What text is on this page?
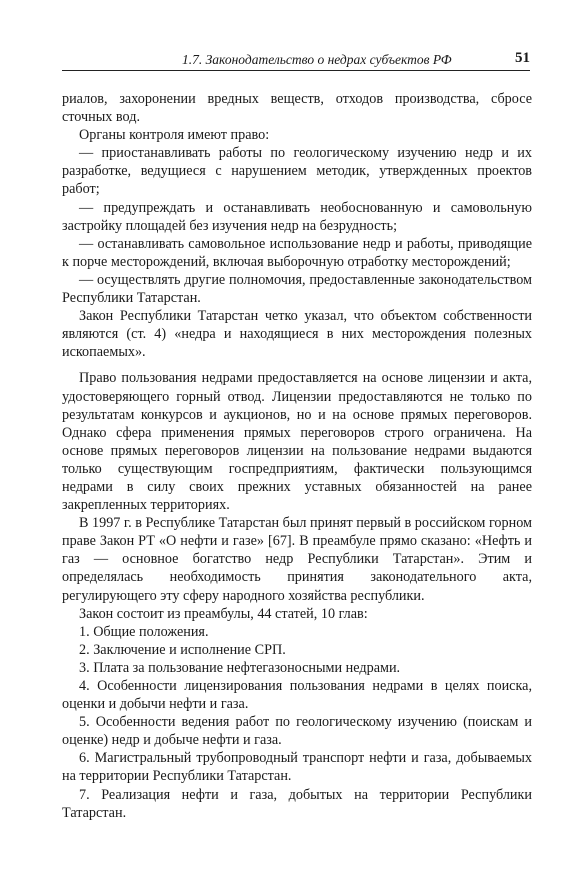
1.7. Законодательство о недрах субъектов РФ	51

риалов, захоронении вредных веществ, отходов производства, сбросе сточных вод.

Органы контроля имеют право:

— приостанавливать работы по геологическому изучению недр и их разработке, ведущиеся с нарушением методик, утвержденных проектов работ;

— предупреждать и останавливать необоснованную и самовольную застройку площадей без изучения недр на безрудность;

— останавливать самовольное использование недр и работы, приводящие к порче месторождений, включая выборочную отработку месторождений;

— осуществлять другие полномочия, предоставленные законодательством Республики Татарстан.

Закон Республики Татарстан четко указал, что объектом собственности являются (ст. 4) «недра и находящиеся в них месторождения полезных ископаемых».

Право пользования недрами предоставляется на основе лицензии и акта, удостоверяющего горный отвод. Лицензии предоставляются не только по результатам конкурсов и аукционов, но и на основе прямых переговоров. Однако сфера применения прямых переговоров строго ограничена. На основе прямых переговоров лицензии на пользование недрами выдаются только существующим госпредприятиям, фактически пользующимся недрами в силу своих прежних уставных обязанностей на ранее закрепленных территориях.

В 1997 г. в Республике Татарстан был принят первый в российском горном праве Закон РТ «О нефти и газе» [67]. В преамбуле прямо сказано: «Нефть и газ — основное богатство недр Республики Татарстан». Этим и определялась необходимость принятия законодательного акта, регулирующего эту сферу народного хозяйства республики.

Закон состоит из преамбулы, 44 статей, 10 глав:

1. Общие положения.

2. Заключение и исполнение СРП.

3. Плата за пользование нефтегазоносными недрами.

4. Особенности лицензирования пользования недрами в целях поиска, оценки и добычи нефти и газа.

5. Особенности ведения работ по геологическому изучению (поискам и оценке) недр и добыче нефти и газа.

6. Магистральный трубопроводный транспорт нефти и газа, добываемых на территории Республики Татарстан.

7. Реализация нефти и газа, добытых на территории Республики Татарстан.
